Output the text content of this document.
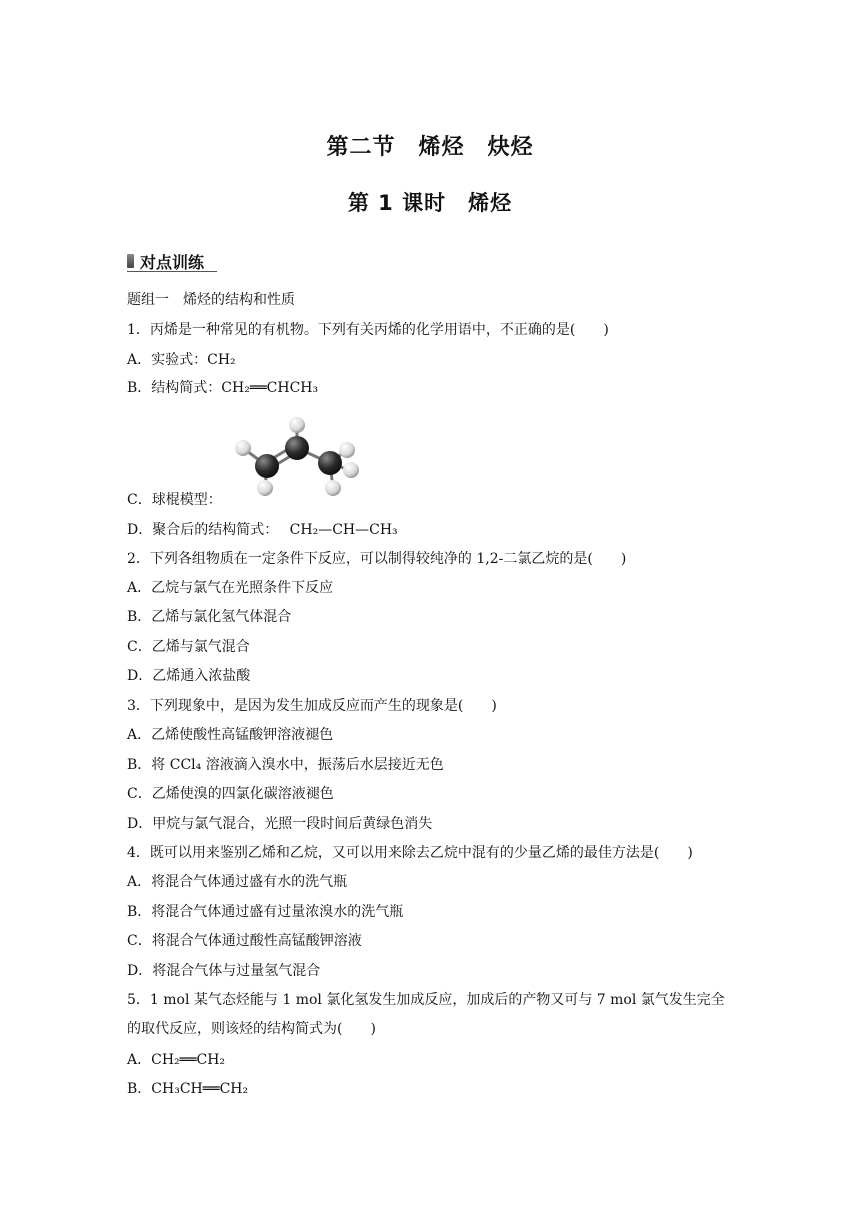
第二节　烯烃　炔烃
第 1 课时　烯烃
对点训练
题组一　烯烃的结构和性质
1．丙烯是一种常见的有机物。下列有关丙烯的化学用语中，不正确的是(　　)
A．实验式：CH₂
B．结构简式：CH₂══CHCH₃
C．球棍模型：
D．聚合后的结构简式：　 CH₂—CH—CH₃
2．下列各组物质在一定条件下反应，可以制得较纯净的 1,2-二氯乙烷的是(　　)
A．乙烷与氯气在光照条件下反应
B．乙烯与氯化氢气体混合
C．乙烯与氯气混合
D．乙烯通入浓盐酸
3．下列现象中，是因为发生加成反应而产生的现象是(　　)
A．乙烯使酸性高锰酸钾溶液褪色
B．将 CCl₄ 溶液滴入溴水中，振荡后水层接近无色
C．乙烯使溴的四氯化碳溶液褪色
D．甲烷与氯气混合，光照一段时间后黄绿色消失
4．既可以用来鉴别乙烯和乙烷，又可以用来除去乙烷中混有的少量乙烯的最佳方法是(　　)
A．将混合气体通过盛有水的洗气瓶
B．将混合气体通过盛有过量浓溴水的洗气瓶
C．将混合气体通过酸性高锰酸钾溶液
D．将混合气体与过量氢气混合
5．1 mol 某气态烃能与 1 mol 氯化氢发生加成反应，加成后的产物又可与 7 mol 氯气发生完全的取代反应，则该烃的结构简式为(　　)
A．CH₂══CH₂
B．CH₃CH══CH₂
